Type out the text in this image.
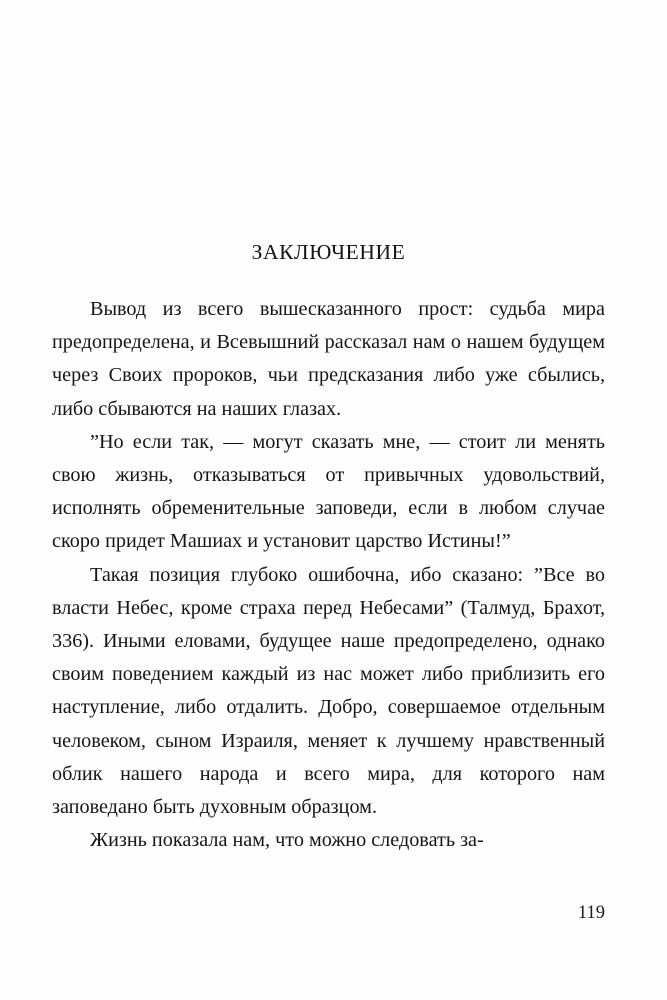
ЗАКЛЮЧЕНИЕ

Вывод из всего вышесказанного прост: судьба мира предопределена, и Всевышний рассказал нам о нашем будущем через Своих пророков, чьи предсказания либо уже сбылись, либо сбываются на наших глазах.

”Но если так, — могут сказать мне, — стоит ли менять свою жизнь, отказываться от привычных удовольствий, исполнять обременительные заповеди, если в любом случае скоро придет Машиах и установит царство Истины!”

Такая позиция глубоко ошибочна, ибо сказано: ”Все во власти Небес, кроме страха перед Небесами” (Талмуд, Брахот, 336). Иными еловами, будущее наше предопределено, однако своим поведением каждый из нас может либо приблизить его наступление, либо отдалить. Добро, совершаемое отдельным человеком, сыном Израиля, меняет к лучшему нравственный облик нашего народа и всего мира, для которого нам заповедано быть духовным образцом.

Жизнь показала нам, что можно следовать за-

119
